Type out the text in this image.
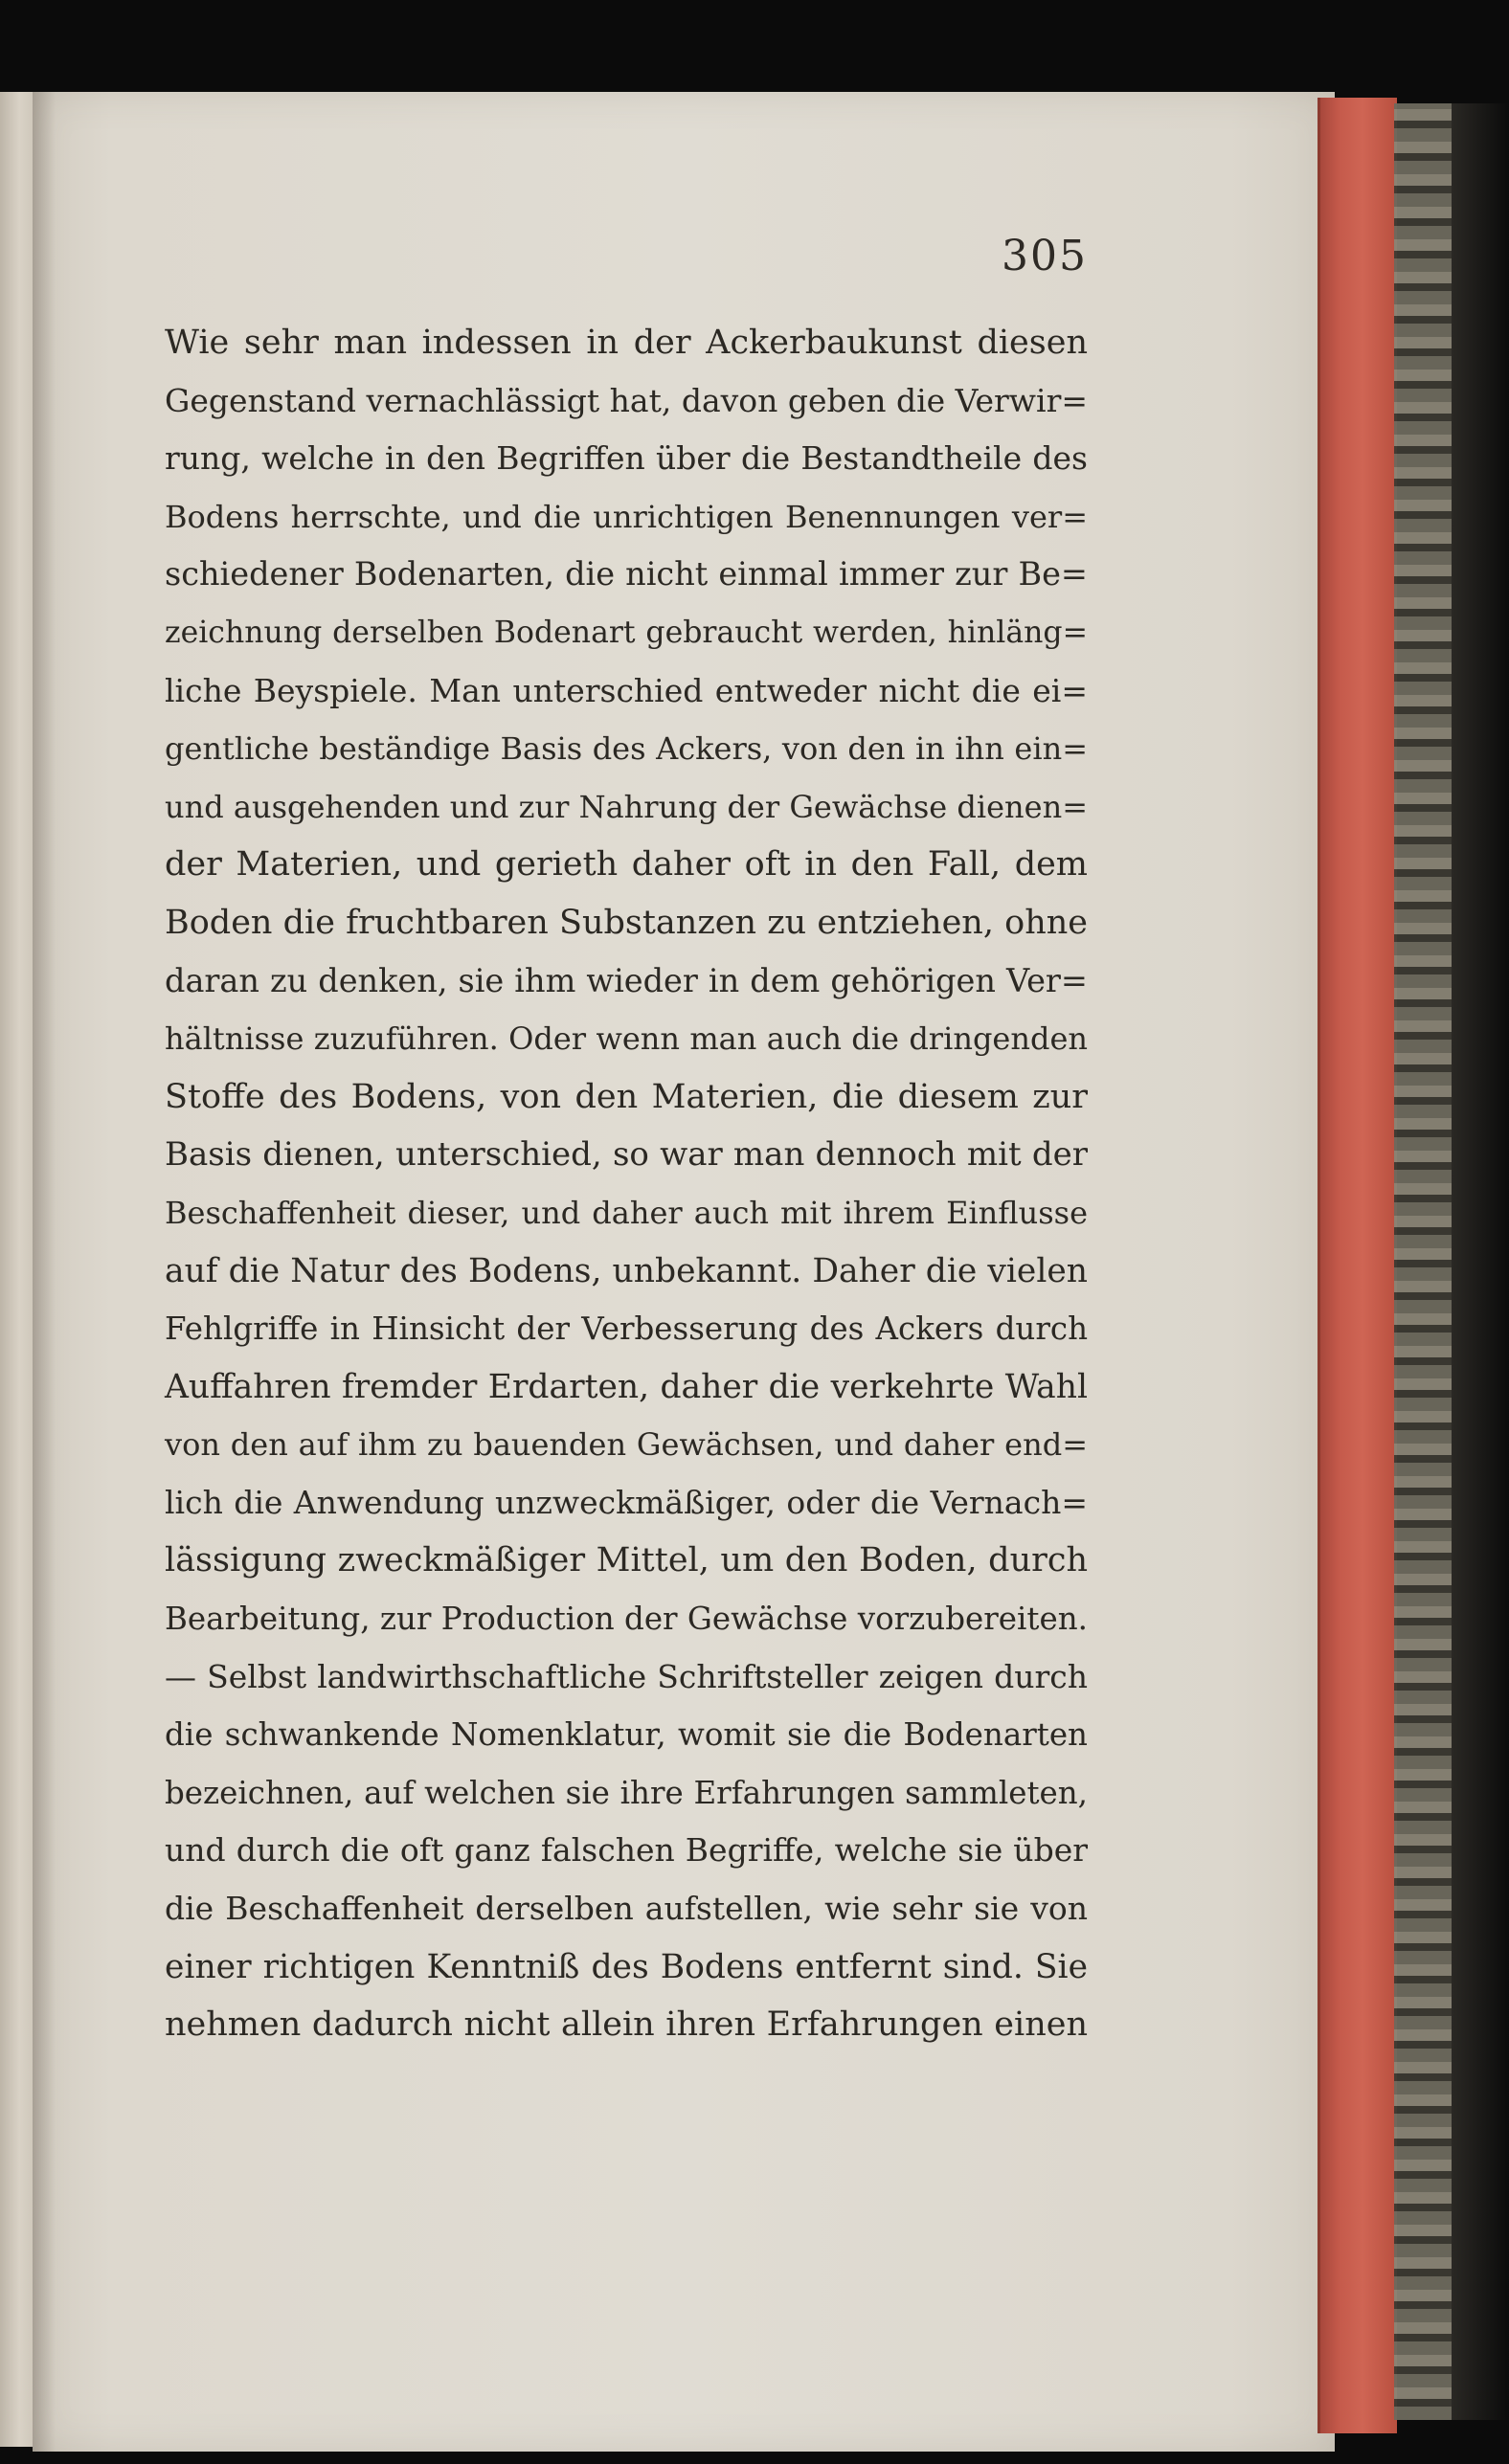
305
Wie sehr man indessen in der Ackerbaukunst diesen
Gegenstand vernachlässigt hat, davon geben die Verwir=
rung, welche in den Begriffen über die Bestandtheile des
Bodens herrschte, und die unrichtigen Benennungen ver=
schiedener Bodenarten, die nicht einmal immer zur Be=
zeichnung derselben Bodenart gebraucht werden, hinläng=
liche Beyspiele. Man unterschied entweder nicht die ei=
gentliche beständige Basis des Ackers, von den in ihn ein=
und ausgehenden und zur Nahrung der Gewächse dienen=
der Materien, und gerieth daher oft in den Fall, dem
Boden die fruchtbaren Substanzen zu entziehen, ohne
daran zu denken, sie ihm wieder in dem gehörigen Ver=
hältnisse zuzuführen. Oder wenn man auch die dringenden
Stoffe des Bodens, von den Materien, die diesem zur
Basis dienen, unterschied, so war man dennoch mit der
Beschaffenheit dieser, und daher auch mit ihrem Einflusse
auf die Natur des Bodens, unbekannt. Daher die vielen
Fehlgriffe in Hinsicht der Verbesserung des Ackers durch
Auffahren fremder Erdarten, daher die verkehrte Wahl
von den auf ihm zu bauenden Gewächsen, und daher end=
lich die Anwendung unzweckmäßiger, oder die Vernach=
lässigung zweckmäßiger Mittel, um den Boden, durch
Bearbeitung, zur Production der Gewächse vorzubereiten.
— Selbst landwirthschaftliche Schriftsteller zeigen durch
die schwankende Nomenklatur, womit sie die Bodenarten
bezeichnen, auf welchen sie ihre Erfahrungen sammleten,
und durch die oft ganz falschen Begriffe, welche sie über
die Beschaffenheit derselben aufstellen, wie sehr sie von
einer richtigen Kenntniß des Bodens entfernt sind. Sie
nehmen dadurch nicht allein ihren Erfahrungen einen
